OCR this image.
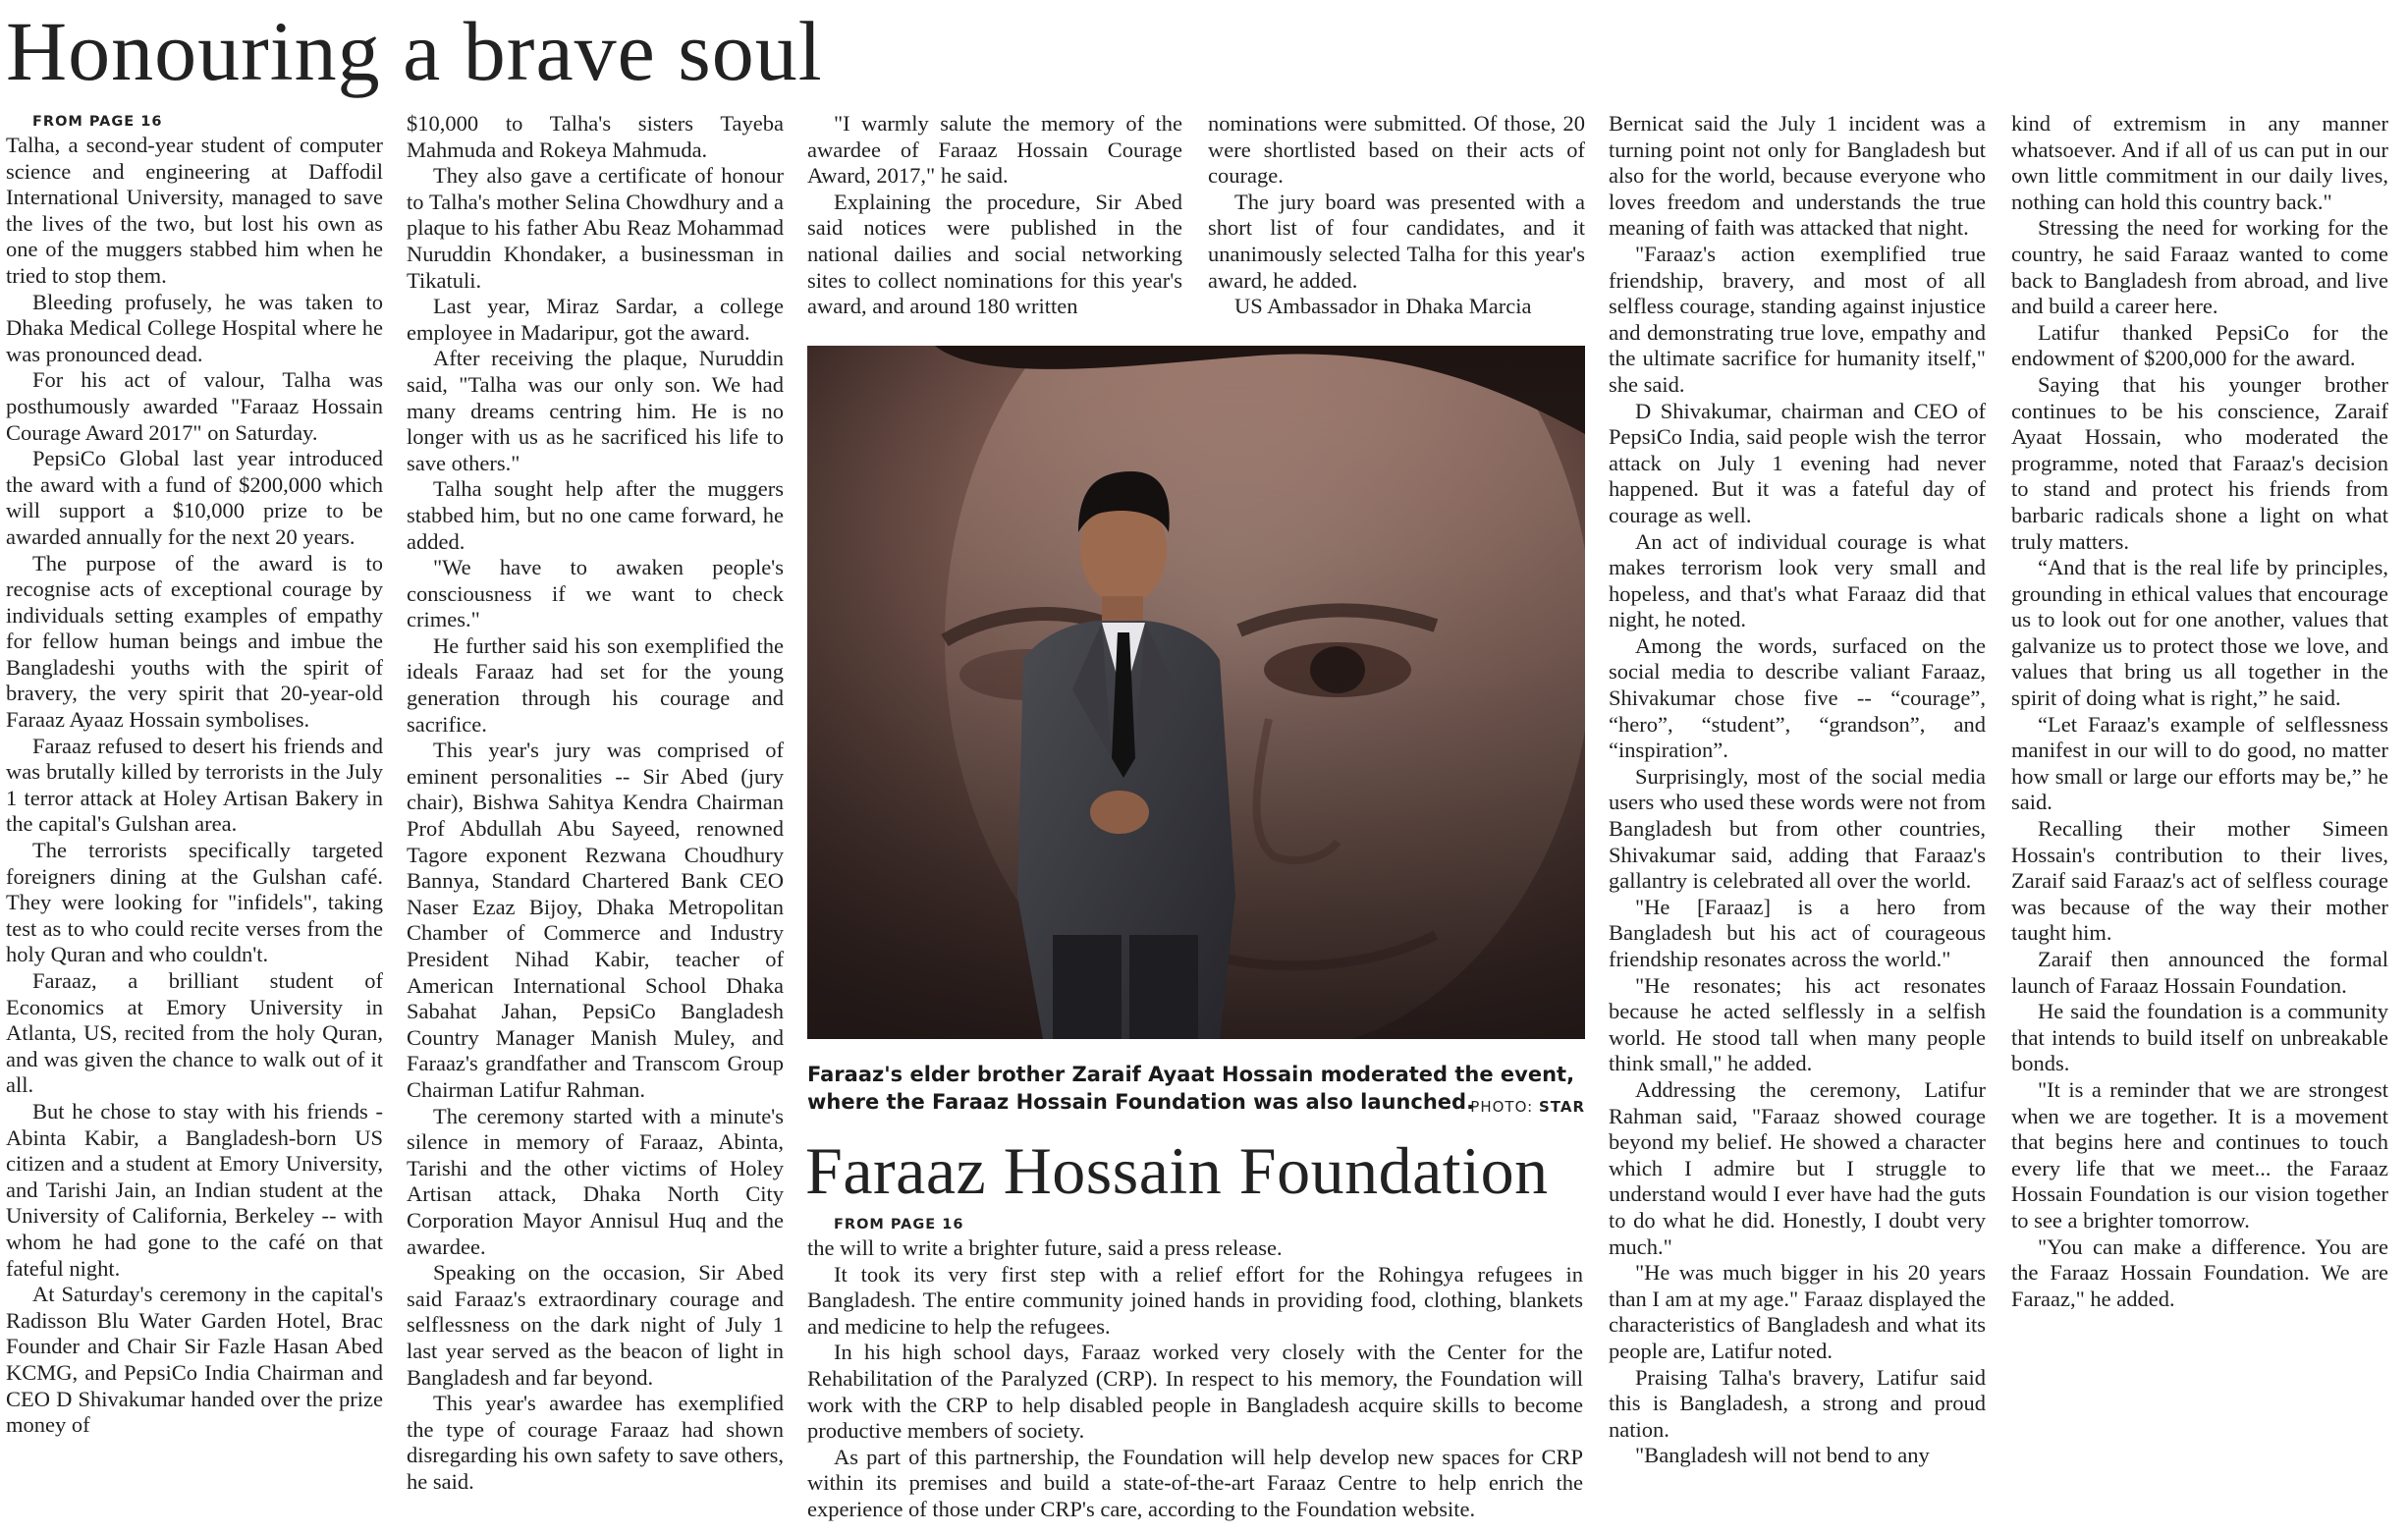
Honouring a brave soul

FROM PAGE 16

Talha, a second-year student of computer science and engineering at Daffodil International University, managed to save the lives of the two, but lost his own as one of the muggers stabbed him when he tried to stop them.

Bleeding profusely, he was taken to Dhaka Medical College Hospital where he was pronounced dead.

For his act of valour, Talha was posthumously awarded "Faraaz Hossain Courage Award 2017" on Saturday.

PepsiCo Global last year introduced the award with a fund of $200,000 which will support a $10,000 prize to be awarded annually for the next 20 years.

The purpose of the award is to recognise acts of exceptional courage by individuals setting examples of empathy for fellow human beings and imbue the Bangladeshi youths with the spirit of bravery, the very spirit that 20-year-old Faraaz Ayaaz Hossain symbolises.

Faraaz refused to desert his friends and was brutally killed by terrorists in the July 1 terror attack at Holey Artisan Bakery in the capital's Gulshan area.

The terrorists specifically targeted foreigners dining at the Gulshan café. They were looking for "infidels", taking test as to who could recite verses from the holy Quran and who couldn't.

Faraaz, a brilliant student of Economics at Emory University in Atlanta, US, recited from the holy Quran, and was given the chance to walk out of it all.

But he chose to stay with his friends - Abinta Kabir, a Bangladesh-born US citizen and a student at Emory University, and Tarishi Jain, an Indian student at the University of California, Berkeley -- with whom he had gone to the café on that fateful night.

At Saturday's ceremony in the capital's Radisson Blu Water Garden Hotel, Brac Founder and Chair Sir Fazle Hasan Abed KCMG, and PepsiCo India Chairman and CEO D Shivakumar handed over the prize money of

$10,000 to Talha's sisters Tayeba Mahmuda and Rokeya Mahmuda.

They also gave a certificate of honour to Talha's mother Selina Chowdhury and a plaque to his father Abu Reaz Mohammad Nuruddin Khondaker, a businessman in Tikatuli.

Last year, Miraz Sardar, a college employee in Madaripur, got the award.

After receiving the plaque, Nuruddin said, "Talha was our only son. We had many dreams centring him. He is no longer with us as he sacrificed his life to save others."

Talha sought help after the muggers stabbed him, but no one came forward, he added.

"We have to awaken people's consciousness if we want to check crimes."

He further said his son exemplified the ideals Faraaz had set for the young generation through his courage and sacrifice.

This year's jury was comprised of eminent personalities -- Sir Abed (jury chair), Bishwa Sahitya Kendra Chairman Prof Abdullah Abu Sayeed, renowned Tagore exponent Rezwana Choudhury Bannya, Standard Chartered Bank CEO Naser Ezaz Bijoy, Dhaka Metropolitan Chamber of Commerce and Industry President Nihad Kabir, teacher of American International School Dhaka Sabahat Jahan, PepsiCo Bangladesh Country Manager Manish Muley, and Faraaz's grandfather and Transcom Group Chairman Latifur Rahman.

The ceremony started with a minute's silence in memory of Faraaz, Abinta, Tarishi and the other victims of Holey Artisan attack, Dhaka North City Corporation Mayor Annisul Huq and the awardee.

Speaking on the occasion, Sir Abed said Faraaz's extraordinary courage and selflessness on the dark night of July 1 last year served as the beacon of light in Bangladesh and far beyond.

This year's awardee has exemplified the type of courage Faraaz had shown disregarding his own safety to save others, he said.

"I warmly salute the memory of the awardee of Faraaz Hossain Courage Award, 2017," he said.

Explaining the procedure, Sir Abed said notices were published in the national dailies and social networking sites to collect nominations for this year's award, and around 180 written

nominations were submitted. Of those, 20 were shortlisted based on their acts of courage.

The jury board was presented with a short list of four candidates, and it unanimously selected Talha for this year's award, he added.

US Ambassador in Dhaka Marcia

Bernicat said the July 1 incident was a turning point not only for Bangladesh but also for the world, because everyone who loves freedom and understands the true meaning of faith was attacked that night.

"Faraaz's action exemplified true friendship, bravery, and most of all selfless courage, standing against injustice and demonstrating true love, empathy and the ultimate sacrifice for humanity itself," she said.

D Shivakumar, chairman and CEO of PepsiCo India, said people wish the terror attack on July 1 evening had never happened. But it was a fateful day of courage as well.

An act of individual courage is what makes terrorism look very small and hopeless, and that's what Faraaz did that night, he noted.

Among the words, surfaced on the social media to describe valiant Faraaz, Shivakumar chose five -- “courage”, “hero”, “student”, “grandson”, and “inspiration”.

Surprisingly, most of the social media users who used these words were not from Bangladesh but from other countries, Shivakumar said, adding that Faraaz's gallantry is celebrated all over the world.

"He [Faraaz] is a hero from Bangladesh but his act of courageous friendship resonates across the world."

"He resonates; his act resonates because he acted selflessly in a selfish world. He stood tall when many people think small," he added.

Addressing the ceremony, Latifur Rahman said, "Faraaz showed courage beyond my belief. He showed a character which I admire but I struggle to understand would I ever have had the guts to do what he did. Honestly, I doubt very much."

"He was much bigger in his 20 years than I am at my age." Faraaz displayed the characteristics of Bangladesh and what its people are, Latifur noted.

Praising Talha's bravery, Latifur said this is Bangladesh, a strong and proud nation.

"Bangladesh will not bend to any

kind of extremism in any manner whatsoever. And if all of us can put in our own little commitment in our daily lives, nothing can hold this country back."

Stressing the need for working for the country, he said Faraaz wanted to come back to Bangladesh from abroad, and live and build a career here.

Latifur thanked PepsiCo for the endowment of $200,000 for the award.

Saying that his younger brother continues to be his conscience, Zaraif Ayaat Hossain, who moderated the programme, noted that Faraaz's decision to stand and protect his friends from barbaric radicals shone a light on what truly matters.

“And that is the real life by principles, grounding in ethical values that encourage us to look out for one another, values that galvanize us to protect those we love, and values that bring us all together in the spirit of doing what is right,” he said.

“Let Faraaz's example of selflessness manifest in our will to do good, no matter how small or large our efforts may be,” he said.

Recalling their mother Simeen Hossain's contribution to their lives, Zaraif said Faraaz's act of selfless courage was because of the way their mother taught him.

Zaraif then announced the formal launch of Faraaz Hossain Foundation.

He said the foundation is a community that intends to build itself on unbreakable bonds.

"It is a reminder that we are strongest when we are together. It is a movement that begins here and continues to touch every life that we meet... the Faraaz Hossain Foundation is our vision together to see a brighter tomorrow.

"You can make a difference. You are the Faraaz Hossain Foundation. We are Faraaz," he added.

Faraaz's elder brother Zaraif Ayaat Hossain moderated the event, where the Faraaz Hossain Foundation was also launched.

PHOTO: STAR
Faraaz Hossain Foundation

FROM PAGE 16

the will to write a brighter future, said a press release.

It took its very first step with a relief effort for the Rohingya refugees in Bangladesh. The entire community joined hands in providing food, clothing, blankets and medicine to help the refugees.

In his high school days, Faraaz worked very closely with the Center for the Rehabilitation of the Paralyzed (CRP). In respect to his memory, the Foundation will work with the CRP to help disabled people in Bangladesh acquire skills to become productive members of society.

As part of this partnership, the Foundation will help develop new spaces for CRP within its premises and build a state-of-the-art Faraaz Centre to help enrich the experience of those under CRP's care, according to the Foundation website.
